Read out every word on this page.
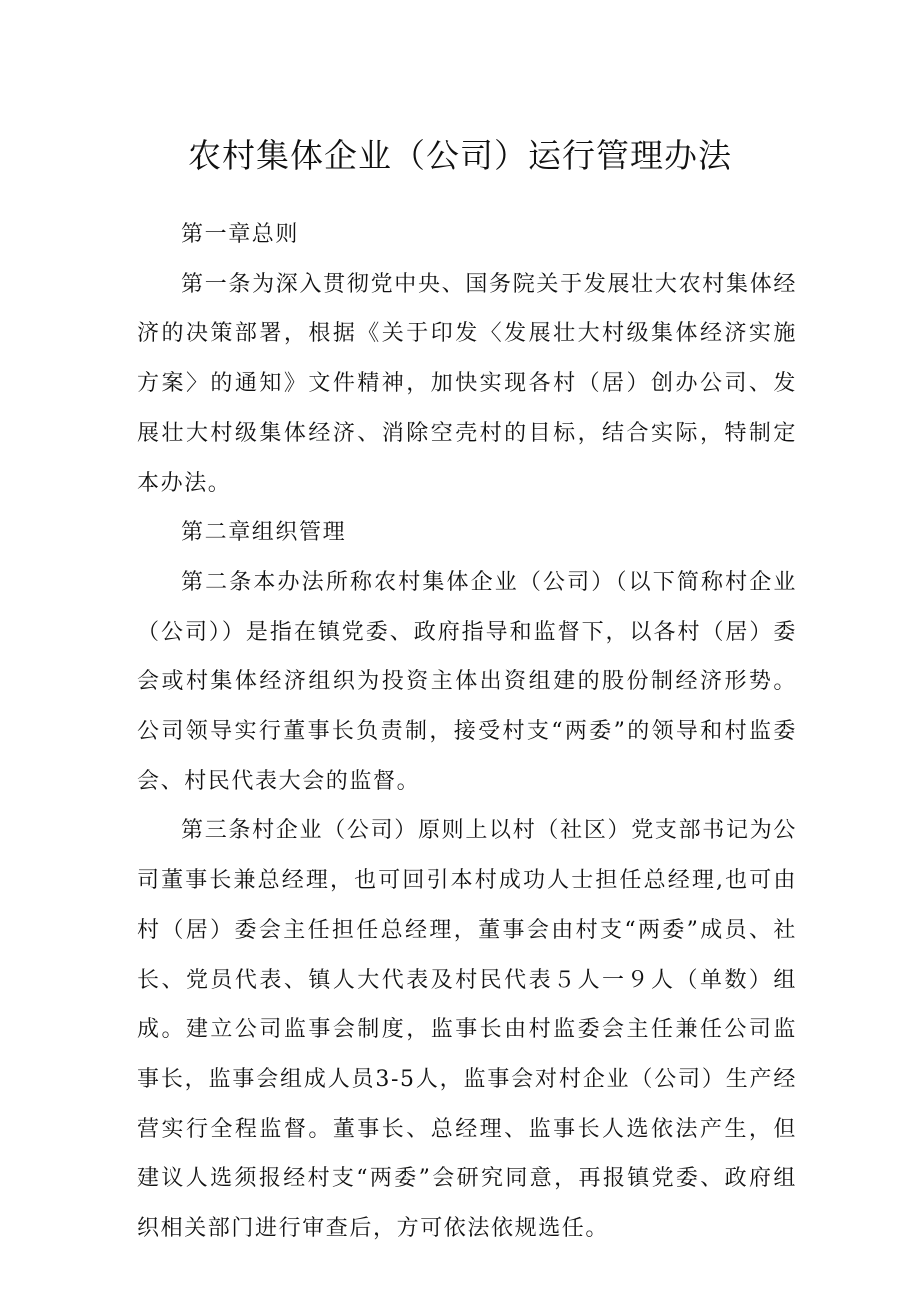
农村集体企业（公司）运行管理办法

第一章总则

第一条为深入贯彻党中央、国务院关于发展壮大农村集体经济的决策部署，根据《关于印发〈发展壮大村级集体经济实施方案〉的通知》文件精神，加快实现各村（居）创办公司、发展壮大村级集体经济、消除空壳村的目标，结合实际，特制定本办法。

第二章组织管理

第二条本办法所称农村集体企业（公司）（以下简称村企业（公司））是指在镇党委、政府指导和监督下，以各村（居）委会或村集体经济组织为投资主体出资组建的股份制经济形势。公司领导实行董事长负责制，接受村支“两委”的领导和村监委会、村民代表大会的监督。

第三条村企业（公司）原则上以村（社区）党支部书记为公司董事长兼总经理，也可回引本村成功人士担任总经理,也可由村（居）委会主任担任总经理，董事会由村支“两委”成员、社长、党员代表、镇人大代表及村民代表５人一９人（单数）组成。建立公司监事会制度，监事长由村监委会主任兼任公司监事长，监事会组成人员3-5人，监事会对村企业（公司）生产经营实行全程监督。董事长、总经理、监事长人选依法产生，但建议人选须报经村支“两委”会研究同意，再报镇党委、政府组织相关部门进行审查后，方可依法依规选任。
